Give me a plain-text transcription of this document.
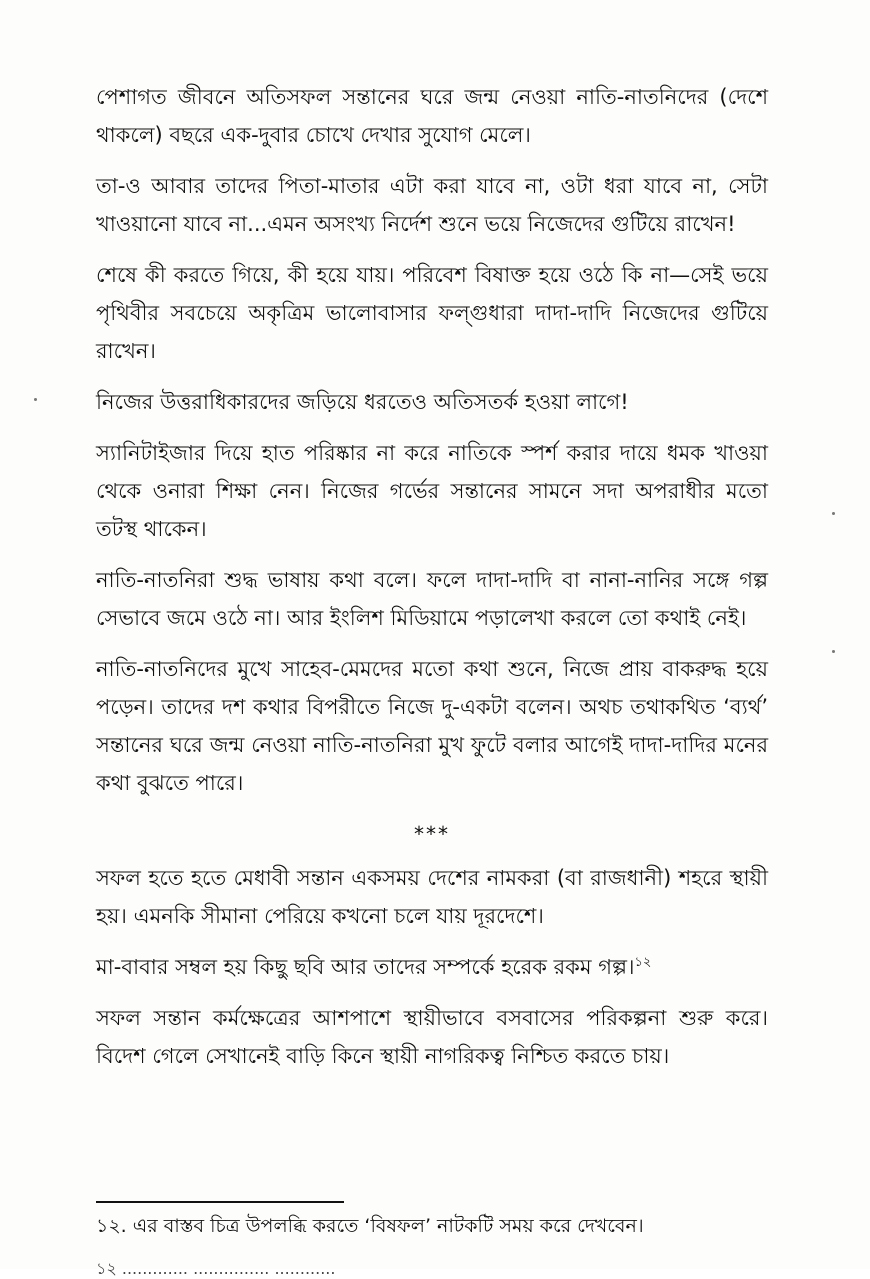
পেশাগত জীবনে অতিসফল সন্তানের ঘরে জন্ম নেওয়া নাতি-নাতনিদের (দেশে থাকলে) বছরে এক-দুবার চোখে দেখার সুযোগ মেলে।

তা-ও আবার তাদের পিতা-মাতার এটা করা যাবে না, ওটা ধরা যাবে না, সেটা খাওয়ানো যাবে না...এমন অসংখ্য নির্দেশ শুনে ভয়ে নিজেদের গুটিয়ে রাখেন!

শেষে কী করতে গিয়ে, কী হয়ে যায়। পরিবেশ বিষাক্ত হয়ে ওঠে কি না—সেই ভয়ে পৃথিবীর সবচেয়ে অকৃত্রিম ভালোবাসার ফল্গুধারা দাদা-দাদি নিজেদের গুটিয়ে রাখেন।

নিজের উত্তরাধিকারদের জড়িয়ে ধরতেও অতিসতর্ক হওয়া লাগে!

স্যানিটাইজার দিয়ে হাত পরিষ্কার না করে নাতিকে স্পর্শ করার দায়ে ধমক খাওয়া থেকে ওনারা শিক্ষা নেন। নিজের গর্ভের সন্তানের সামনে সদা অপরাধীর মতো তটস্থ থাকেন।

নাতি-নাতনিরা শুদ্ধ ভাষায় কথা বলে। ফলে দাদা-দাদি বা নানা-নানির সঙ্গে গল্প সেভাবে জমে ওঠে না। আর ইংলিশ মিডিয়ামে পড়ালেখা করলে তো কথাই নেই।

নাতি-নাতনিদের মুখে সাহেব-মেমদের মতো কথা শুনে, নিজে প্রায় বাকরুদ্ধ হয়ে পড়েন। তাদের দশ কথার বিপরীতে নিজে দু-একটা বলেন। অথচ তথাকথিত ‘ব্যর্থ’ সন্তানের ঘরে জন্ম নেওয়া নাতি-নাতনিরা মুখ ফুটে বলার আগেই দাদা-দাদির মনের কথা বুঝতে পারে।

***

সফল হতে হতে মেধাবী সন্তান একসময় দেশের নামকরা (বা রাজধানী) শহরে স্থায়ী হয়। এমনকি সীমানা পেরিয়ে কখনো চলে যায় দূরদেশে।

মা-বাবার সম্বল হয় কিছু ছবি আর তাদের সম্পর্কে হরেক রকম গল্প।$^{১২}$

সফল সন্তান কর্মক্ষেত্রের আশপাশে স্থায়ীভাবে বসবাসের পরিকল্পনা শুরু করে। বিদেশ গেলে সেখানেই বাড়ি কিনে স্থায়ী নাগরিকত্ব নিশ্চিত করতে চায়।

১২. এর বাস্তব চিত্র উপলব্ধি করতে ‘বিষফল’ নাটকটি সময় করে দেখবেন।
১২ ............. ............... ............
